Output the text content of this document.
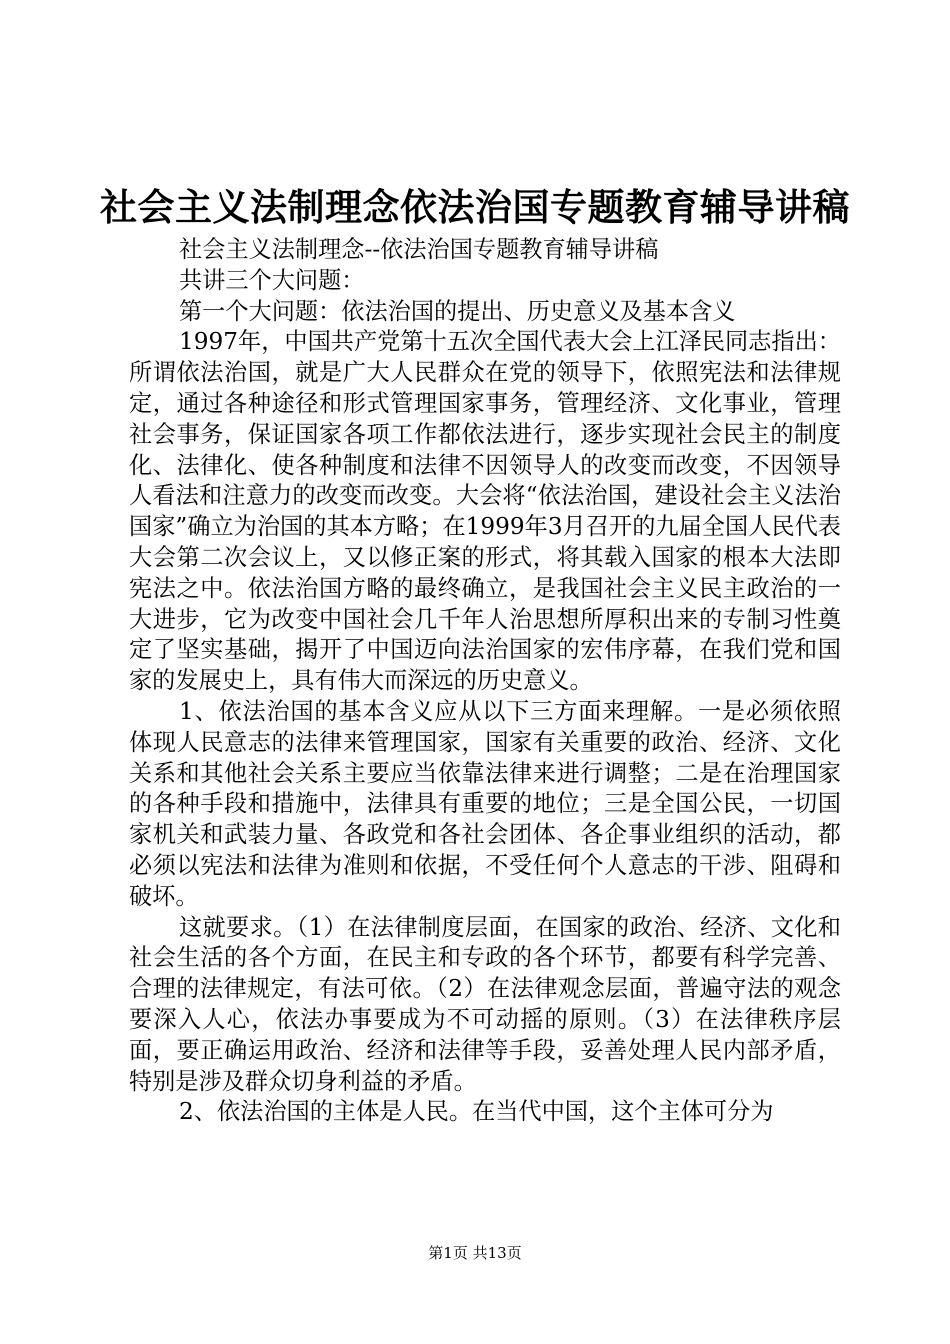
社会主义法制理念依法治国专题教育辅导讲稿

社会主义法制理念--依法治国专题教育辅导讲稿

共讲三个大问题：

第一个大问题：依法治国的提出、历史意义及基本含义

1997年，中国共产党第十五次全国代表大会上江泽民同志指出：所谓依法治国，就是广大人民群众在党的领导下，依照宪法和法律规定，通过各种途径和形式管理国家事务，管理经济、文化事业，管理社会事务，保证国家各项工作都依法进行，逐步实现社会民主的制度化、法律化、使各种制度和法律不因领导人的改变而改变，不因领导人看法和注意力的改变而改变。大会将“依法治国，建设社会主义法治国家”确立为治国的其本方略；在1999年3月召开的九届全国人民代表大会第二次会议上，又以修正案的形式，将其载入国家的根本大法即宪法之中。依法治国方略的最终确立，是我国社会主义民主政治的一大进步，它为改变中国社会几千年人治思想所厚积出来的专制习性奠定了坚实基础，揭开了中国迈向法治国家的宏伟序幕，在我们党和国家的发展史上，具有伟大而深远的历史意义。

1、依法治国的基本含义应从以下三方面来理解。一是必须依照体现人民意志的法律来管理国家，国家有关重要的政治、经济、文化关系和其他社会关系主要应当依靠法律来进行调整；二是在治理国家的各种手段和措施中，法律具有重要的地位；三是全国公民，一切国家机关和武装力量、各政党和各社会团体、各企事业组织的活动，都必须以宪法和法律为准则和依据，不受任何个人意志的干涉、阻碍和破坏。

这就要求。（1）在法律制度层面，在国家的政治、经济、文化和社会生活的各个方面，在民主和专政的各个环节，都要有科学完善、合理的法律规定，有法可依。（2）在法律观念层面，普遍守法的观念要深入人心，依法办事要成为不可动摇的原则。（3）在法律秩序层面，要正确运用政治、经济和法律等手段，妥善处理人民内部矛盾，特别是涉及群众切身利益的矛盾。

2、依法治国的主体是人民。在当代中国，这个主体可分为

第1页 共13页
